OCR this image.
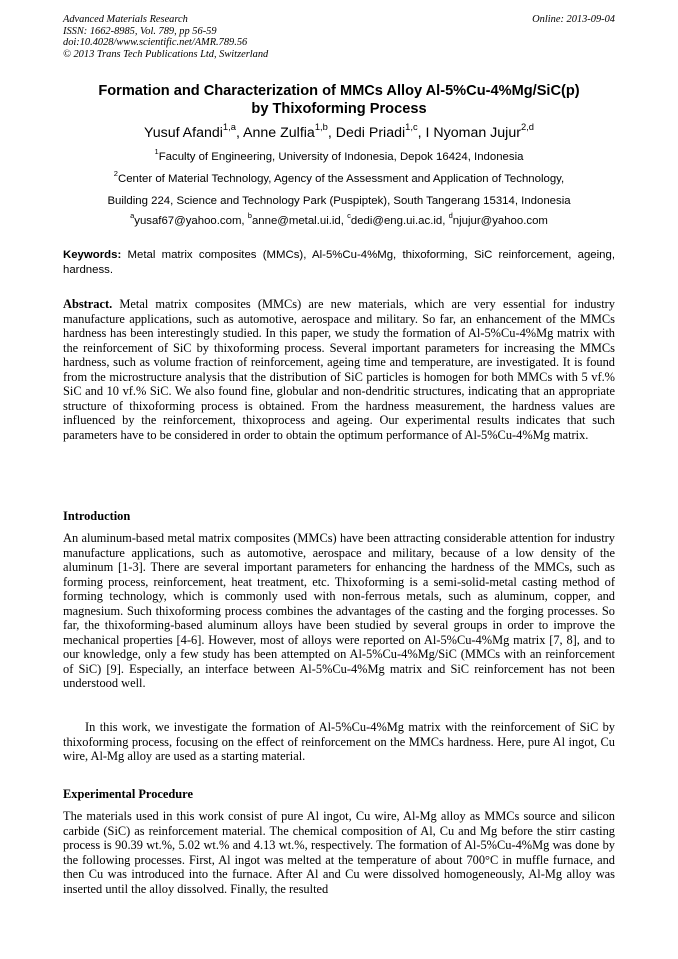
Advanced Materials Research
ISSN: 1662-8985, Vol. 789, pp 56-59
doi:10.4028/www.scientific.net/AMR.789.56
© 2013 Trans Tech Publications Ltd, Switzerland
Online: 2013-09-04
Formation and Characterization of MMCs Alloy Al-5%Cu-4%Mg/SiC(p)
by Thixoforming Process
Yusuf Afandi$^{1,a}$, Anne Zulfia$^{1,b}$, Dedi Priadi$^{1,c}$, I Nyoman Jujur$^{2,d}$
$^1$Faculty of Engineering, University of Indonesia, Depok 16424, Indonesia
$^2$Center of Material Technology, Agency of the Assessment and Application of Technology,
Building 224, Science and Technology Park (Puspiptek), South Tangerang 15314, Indonesia
$^a$yusaf67@yahoo.com, $^b$anne@metal.ui.id, $^c$dedi@eng.ui.ac.id, $^d$njujur@yahoo.com
Keywords: Metal matrix composites (MMCs), Al-5%Cu-4%Mg, thixoforming, SiC reinforcement, ageing, hardness.
Abstract. Metal matrix composites (MMCs) are new materials, which are very essential for industry manufacture applications, such as automotive, aerospace and military. So far, an enhancement of the MMCs hardness has been interestingly studied. In this paper, we study the formation of Al-5%Cu-4%Mg matrix with the reinforcement of SiC by thixoforming process. Several important parameters for increasing the MMCs hardness, such as volume fraction of reinforcement, ageing time and temperature, are investigated. It is found from the microstructure analysis that the distribution of SiC particles is homogen for both MMCs with 5 vf.% SiC and 10 vf.% SiC. We also found fine, globular and non-dendritic structures, indicating that an appropriate structure of thixoforming process is obtained. From the hardness measurement, the hardness values are influenced by the reinforcement, thixoprocess and ageing. Our experimental results indicates that such parameters have to be considered in order to obtain the optimum performance of Al-5%Cu-4%Mg matrix.
Introduction
An aluminum-based metal matrix composites (MMCs) have been attracting considerable attention for industry manufacture applications, such as automotive, aerospace and military, because of a low density of the aluminum [1-3]. There are several important parameters for enhancing the hardness of the MMCs, such as forming process, reinforcement, heat treatment, etc. Thixoforming is a semi-solid-metal casting method of forming technology, which is commonly used with non-ferrous metals, such as aluminum, copper, and magnesium. Such thixoforming process combines the advantages of the casting and the forging processes. So far, the thixoforming-based aluminum alloys have been studied by several groups in order to improve the mechanical properties [4-6]. However, most of alloys were reported on Al-5%Cu-4%Mg matrix [7, 8], and to our knowledge, only a few study has been attempted on Al-5%Cu-4%Mg/SiC (MMCs with an reinforcement of SiC) [9]. Especially, an interface between Al-5%Cu-4%Mg matrix and SiC reinforcement has not been understood well.
In this work, we investigate the formation of Al-5%Cu-4%Mg matrix with the reinforcement of SiC by thixoforming process, focusing on the effect of reinforcement on the MMCs hardness. Here, pure Al ingot, Cu wire, Al-Mg alloy are used as a starting material.
Experimental Procedure
The materials used in this work consist of pure Al ingot, Cu wire, Al-Mg alloy as MMCs source and silicon carbide (SiC) as reinforcement material. The chemical composition of Al, Cu and Mg before the stirr casting process is 90.39 wt.%, 5.02 wt.% and 4.13 wt.%, respectively. The formation of Al-5%Cu-4%Mg was done by the following processes. First, Al ingot was melted at the temperature of about 700°C in muffle furnace, and then Cu was introduced into the furnace. After Al and Cu were dissolved homogeneously, Al-Mg alloy was inserted until the alloy dissolved. Finally, the resulted
